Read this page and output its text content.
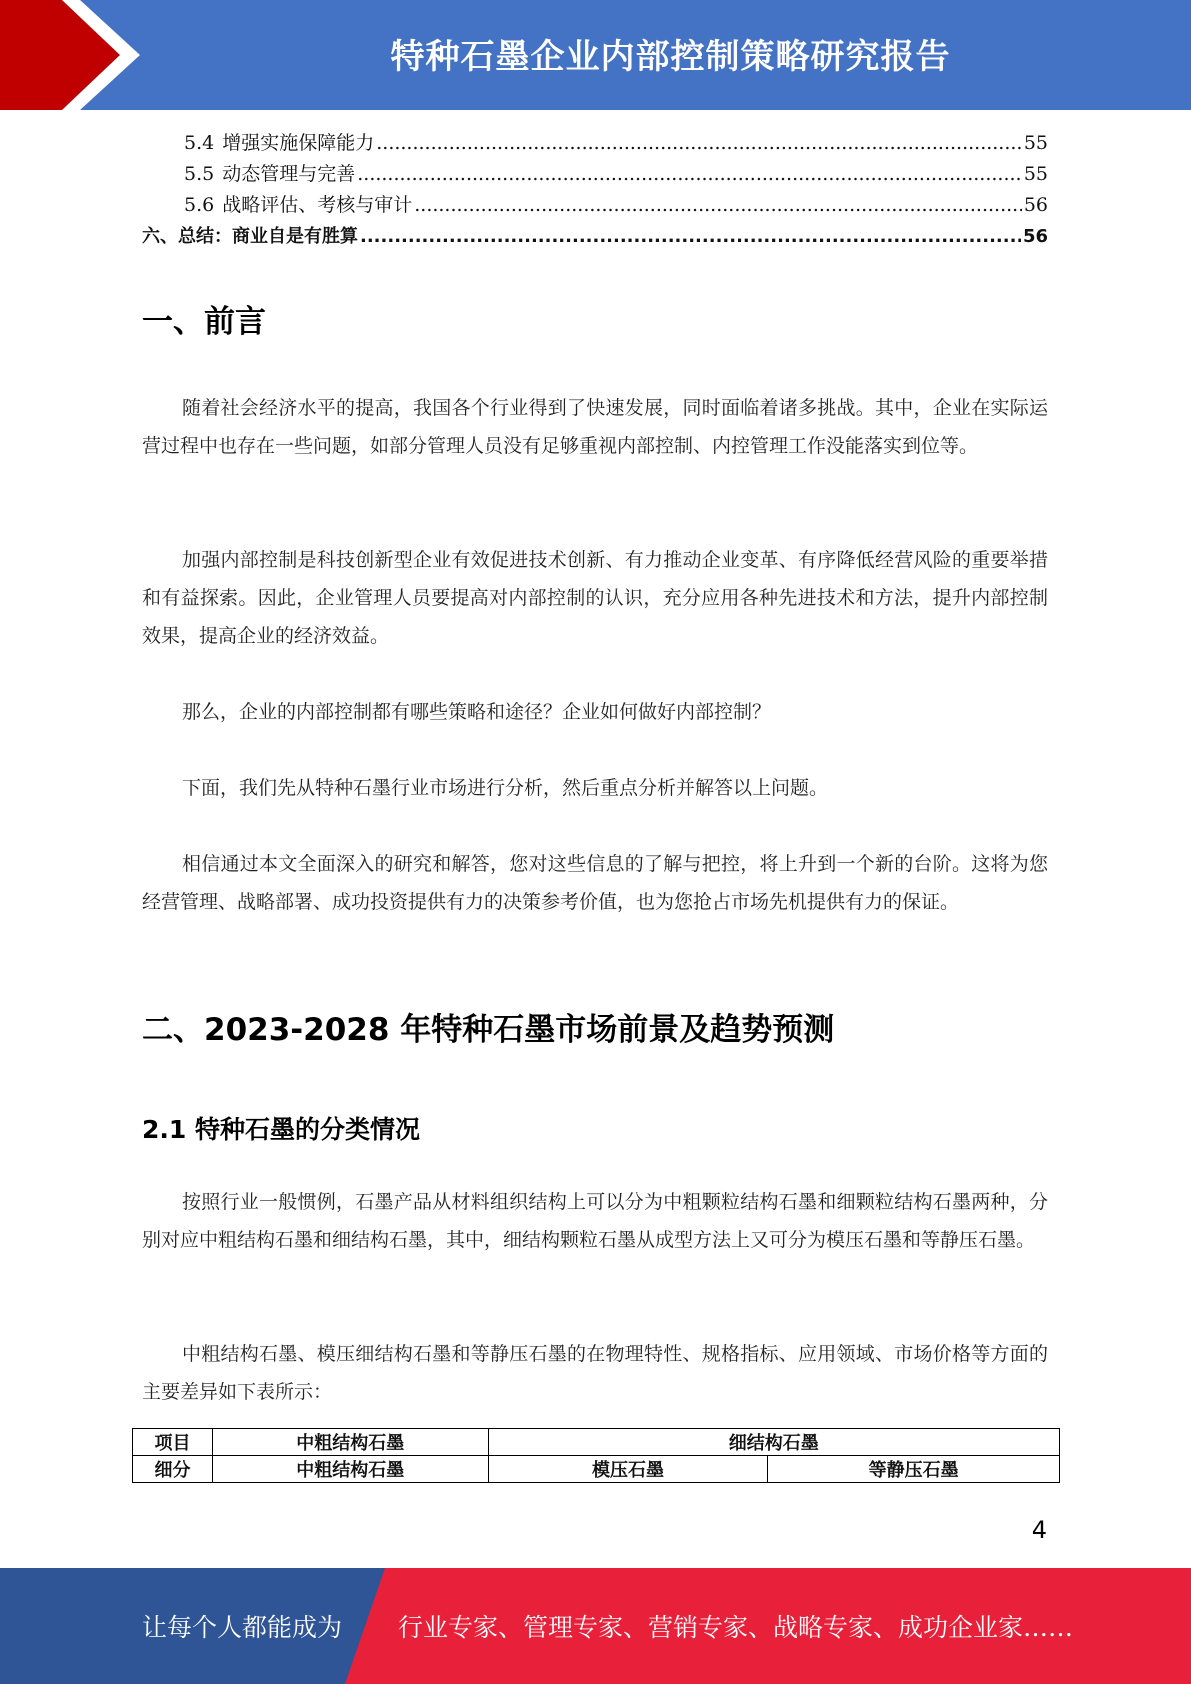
特种石墨企业内部控制策略研究报告
5.4 增强实施保障能力 .....	55
5.5 动态管理与完善 .....	55
5.6 战略评估、考核与审计 .....	56
六、总结：商业自是有胜算 .....	56
一、前言

随着社会经济水平的提高，我国各个行业得到了快速发展，同时面临着诸多挑战。其中，企业在实际运营过程中也存在一些问题，如部分管理人员没有足够重视内部控制、内控管理工作没能落实到位等。

加强内部控制是科技创新型企业有效促进技术创新、有力推动企业变革、有序降低经营风险的重要举措和有益探索。因此，企业管理人员要提高对内部控制的认识，充分应用各种先进技术和方法，提升内部控制效果，提高企业的经济效益。

那么，企业的内部控制都有哪些策略和途径？企业如何做好内部控制？

下面，我们先从特种石墨行业市场进行分析，然后重点分析并解答以上问题。

相信通过本文全面深入的研究和解答，您对这些信息的了解与把控，将上升到一个新的台阶。这将为您经营管理、战略部署、成功投资提供有力的决策参考价值，也为您抢占市场先机提供有力的保证。

二、2023-2028 年特种石墨市场前景及趋势预测
2.1 特种石墨的分类情况

按照行业一般惯例，石墨产品从材料组织结构上可以分为中粗颗粒结构石墨和细颗粒结构石墨两种，分别对应中粗结构石墨和细结构石墨，其中，细结构颗粒石墨从成型方法上又可分为模压石墨和等静压石墨。

中粗结构石墨、模压细结构石墨和等静压石墨的在物理特性、规格指标、应用领域、市场价格等方面的主要差异如下表所示：

项目	中粗结构石墨	细结构石墨	
细分	中粗结构石墨	模压石墨	等静压石墨
4
让每个人都能成为 行业专家、管理专家、营销专家、战略专家、成功企业家……
